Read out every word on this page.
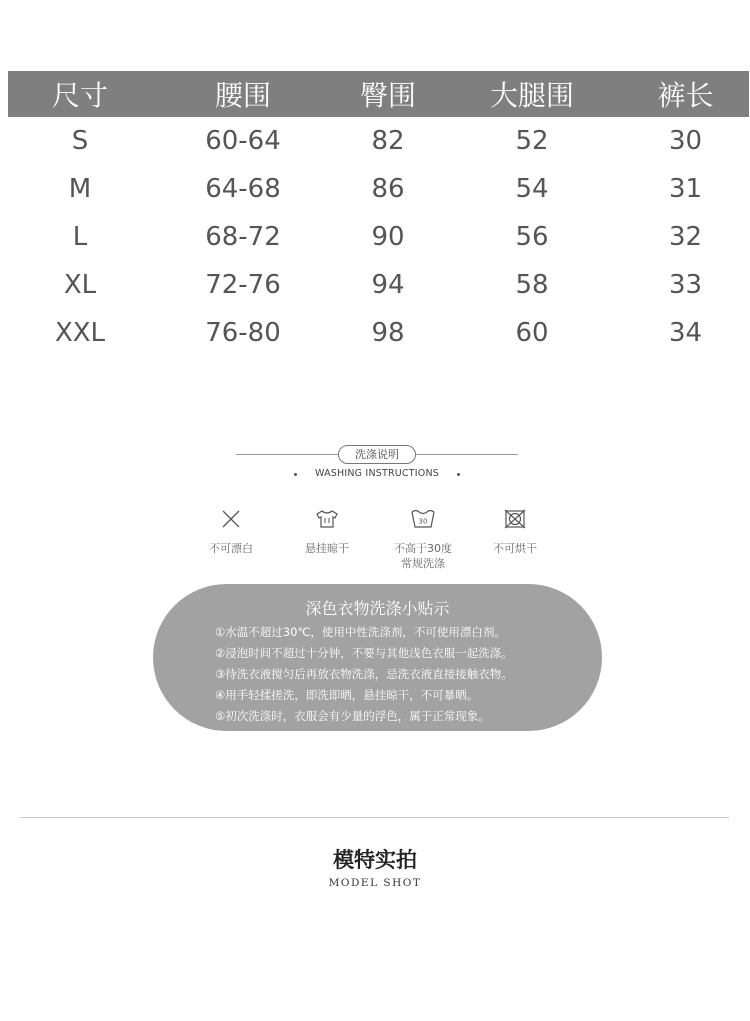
尺寸	腰围	臀围	大腿围	裤长
S	60-64	82	52	30
M	64-68	86	54	31
L	68-72	90	56	32
XL	72-76	94	58	33
XXL	76-80	98	60	34
洗涤说明
WASHING INSTRUCTIONS
不可漂白	悬挂晾干
30
不高于30度
常规洗涤
不可烘干
深色衣物洗涤小贴示
①水温不超过30℃，使用中性洗涤剂，不可使用漂白剂。
②浸泡时间不超过十分钟，不要与其他浅色衣服一起洗涤。
③待洗衣液搅匀后再放衣物洗涤，忌洗衣液直接接触衣物。
④用手轻揉搓洗，即洗即晒，悬挂晾干，不可暴晒。
⑤初次洗涤时，衣服会有少量的浮色，属于正常现象。
模特实拍
MODEL SHOT
